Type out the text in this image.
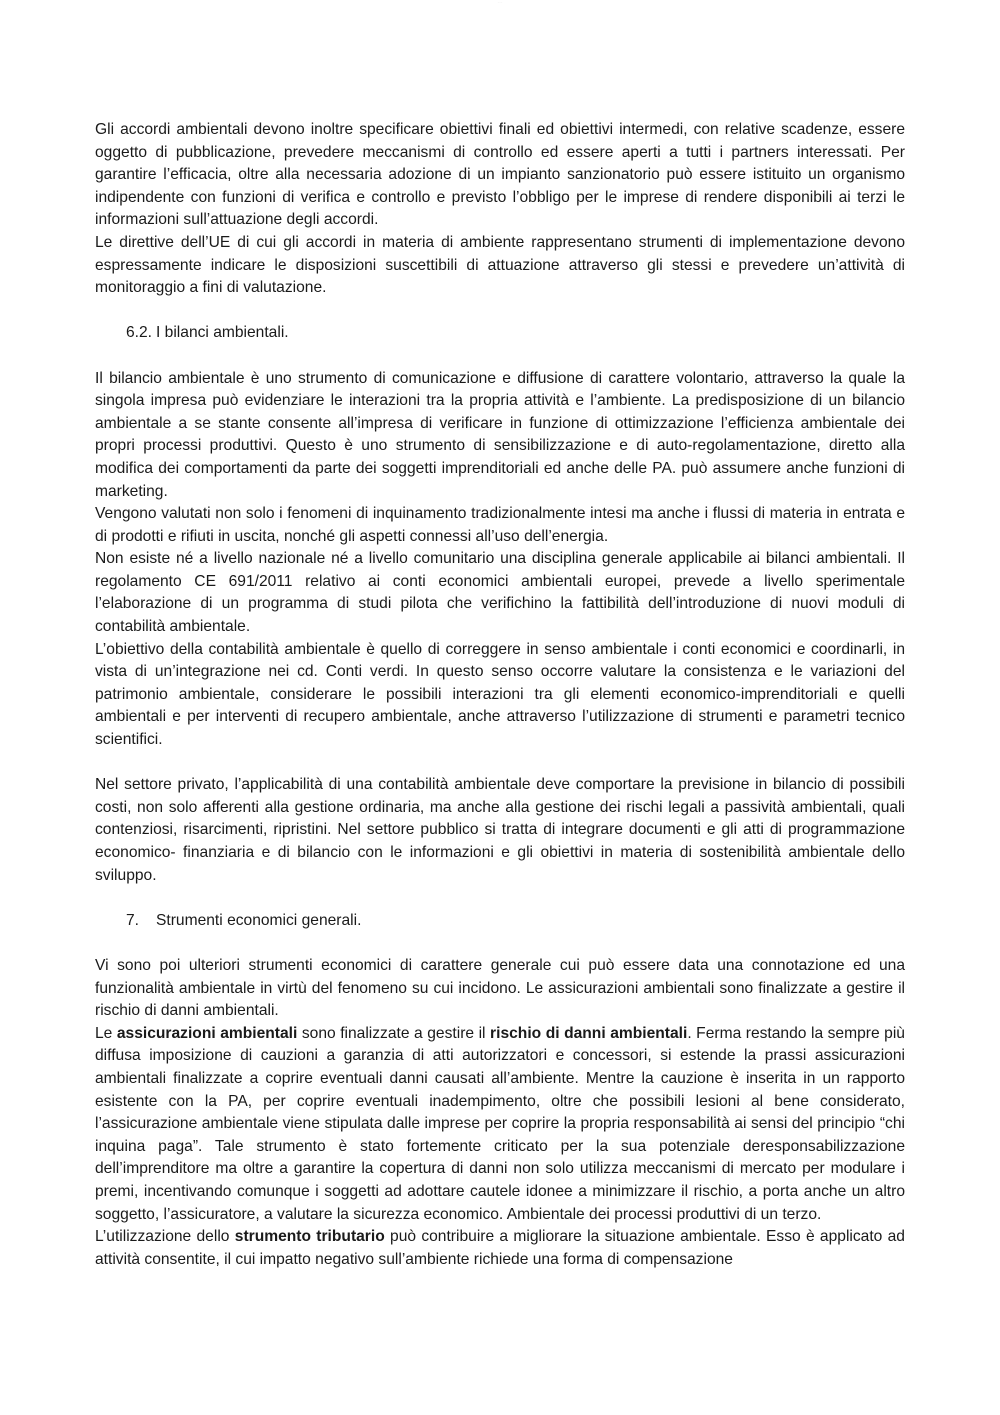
· · ·

Gli accordi ambientali devono inoltre specificare obiettivi finali ed obiettivi intermedi, con relative scadenze, essere oggetto di pubblicazione, prevedere meccanismi di controllo ed essere aperti a tutti i partners interessati. Per garantire l’efficacia, oltre alla necessaria adozione di un impianto sanzionatorio può essere istituito un organismo indipendente con funzioni di verifica e controllo e previsto l’obbligo per le imprese di rendere disponibili ai terzi le informazioni sull’attuazione degli accordi.

Le direttive dell’UE di cui gli accordi in materia di ambiente rappresentano strumenti di implementazione devono espressamente indicare le disposizioni suscettibili di attuazione attraverso gli stessi e prevedere un’attività di monitoraggio a fini di valutazione.

6.2. I bilanci ambientali.

Il bilancio ambientale è uno strumento di comunicazione e diffusione di carattere volontario, attraverso la quale la singola impresa può evidenziare le interazioni tra la propria attività e l’ambiente. La predisposizione di un bilancio ambientale a se stante consente all’impresa di verificare in funzione di ottimizzazione l’efficienza ambientale dei propri processi produttivi. Questo è uno strumento di sensibilizzazione e di auto-regolamentazione, diretto alla modifica dei comportamenti da parte dei soggetti imprenditoriali ed anche delle PA. può assumere anche funzioni di marketing.

Vengono valutati non solo i fenomeni di inquinamento tradizionalmente intesi ma anche i flussi di materia in entrata e di prodotti e rifiuti in uscita, nonché gli aspetti connessi all’uso dell’energia.

Non esiste né a livello nazionale né a livello comunitario una disciplina generale applicabile ai bilanci ambientali. Il regolamento CE 691/2011 relativo ai conti economici ambientali europei, prevede a livello sperimentale l’elaborazione di un programma di studi pilota che verifichino la fattibilità dell’introduzione di nuovi moduli di contabilità ambientale.

L’obiettivo della contabilità ambientale è quello di correggere in senso ambientale i conti economici e coordinarli, in vista di un’integrazione nei cd. Conti verdi. In questo senso occorre valutare la consistenza e le variazioni del patrimonio ambientale, considerare le possibili interazioni tra gli elementi economico-imprenditoriali e quelli ambientali e per interventi di recupero ambientale, anche attraverso l’utilizzazione di strumenti e parametri tecnico scientifici.

Nel settore privato, l’applicabilità di una contabilità ambientale deve comportare la previsione in bilancio di possibili costi, non solo afferenti alla gestione ordinaria, ma anche alla gestione dei rischi legali a passività ambientali, quali contenziosi, risarcimenti, ripristini. Nel settore pubblico si tratta di integrare documenti e gli atti di programmazione economico- finanziaria e di bilancio con le informazioni e gli obiettivi in materia di sostenibilità ambientale dello sviluppo.

7. Strumenti economici generali.

Vi sono poi ulteriori strumenti economici di carattere generale cui può essere data una connotazione ed una funzionalità ambientale in virtù del fenomeno su cui incidono. Le assicurazioni ambientali sono finalizzate a gestire il rischio di danni ambientali.

Le assicurazioni ambientali sono finalizzate a gestire il rischio di danni ambientali. Ferma restando la sempre più diffusa imposizione di cauzioni a garanzia di atti autorizzatori e concessori, si estende la prassi assicurazioni ambientali finalizzate a coprire eventuali danni causati all’ambiente. Mentre la cauzione è inserita in un rapporto esistente con la PA, per coprire eventuali inadempimento, oltre che possibili lesioni al bene considerato, l’assicurazione ambientale viene stipulata dalle imprese per coprire la propria responsabilità ai sensi del principio “chi inquina paga”. Tale strumento è stato fortemente criticato per la sua potenziale deresponsabilizzazione dell’imprenditore ma oltre a garantire la copertura di danni non solo utilizza meccanismi di mercato per modulare i premi, incentivando comunque i soggetti ad adottare cautele idonee a minimizzare il rischio, a porta anche un altro soggetto, l’assicuratore, a valutare la sicurezza economico. Ambientale dei processi produttivi di un terzo.

L’utilizzazione dello strumento tributario può contribuire a migliorare la situazione ambientale. Esso è applicato ad attività consentite, il cui impatto negativo sull’ambiente richiede una forma di compensazione
